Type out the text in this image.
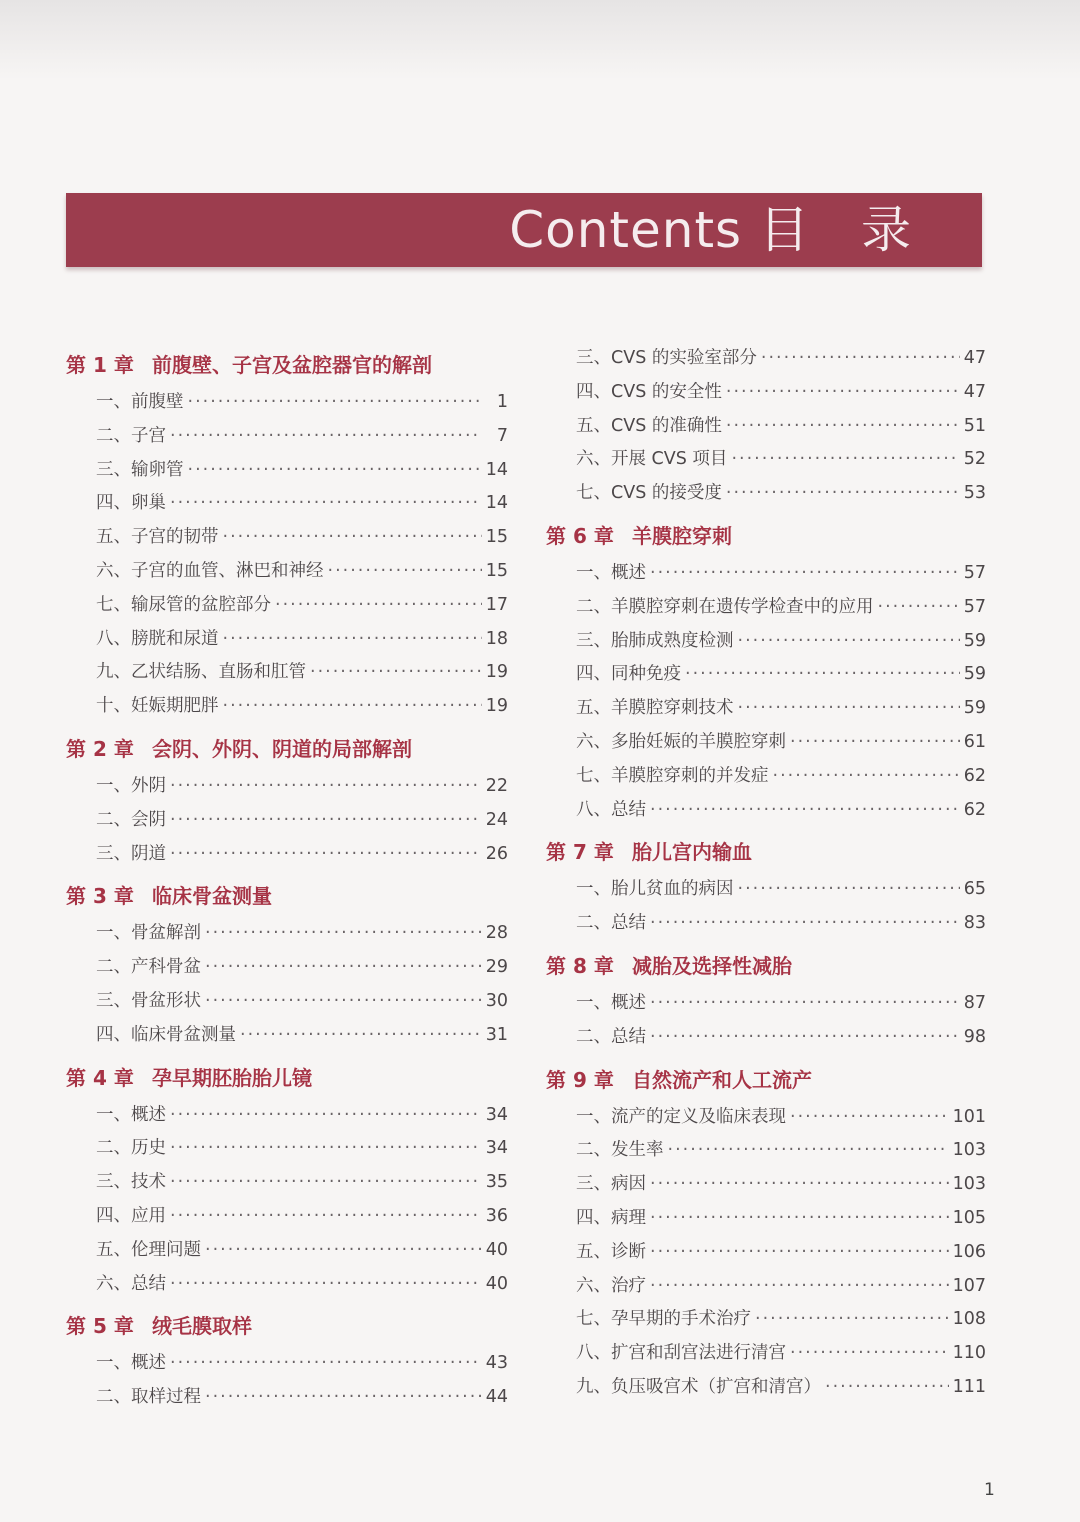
Contents 目　录
第 1 章 前腹壁、子宫及盆腔器官的解剖
一、前腹壁 ·····	1
二、子宫 ·····	7
三、输卵管 ·····	14
四、卵巢 ·····	14
五、子宫的韧带 ·····	15
六、子宫的血管、淋巴和神经 ·····	15
七、输尿管的盆腔部分 ·····	17
八、膀胱和尿道 ·····	18
九、乙状结肠、直肠和肛管 ·····	19
十、妊娠期肥胖 ·····	19
第 2 章 会阴、外阴、阴道的局部解剖
一、外阴 ·····	22
二、会阴 ·····	24
三、阴道 ·····	26
第 3 章 临床骨盆测量
一、骨盆解剖 ·····	28
二、产科骨盆 ·····	29
三、骨盆形状 ·····	30
四、临床骨盆测量 ·····	31
第 4 章 孕早期胚胎胎儿镜
一、概述 ·····	34
二、历史 ·····	34
三、技术 ·····	35
四、应用 ·····	36
五、伦理问题 ·····	40
六、总结 ·····	40
第 5 章 绒毛膜取样
一、概述 ·····	43
二、取样过程 ·····	44
三、CVS 的实验室部分 ·····	47
四、CVS 的安全性 ·····	47
五、CVS 的准确性 ·····	51
六、开展 CVS 项目 ·····	52
七、CVS 的接受度 ·····	53
第 6 章 羊膜腔穿刺
一、概述 ·····	57
二、羊膜腔穿刺在遗传学检查中的应用 ·····	57
三、胎肺成熟度检测 ·····	59
四、同种免疫 ·····	59
五、羊膜腔穿刺技术 ·····	59
六、多胎妊娠的羊膜腔穿刺 ·····	61
七、羊膜腔穿刺的并发症 ·····	62
八、总结 ·····	62
第 7 章 胎儿宫内输血
一、胎儿贫血的病因 ·····	65
二、总结 ·····	83
第 8 章 减胎及选择性减胎
一、概述 ·····	87
二、总结 ·····	98
第 9 章 自然流产和人工流产
一、流产的定义及临床表现 ·····	101
二、发生率 ·····	103
三、病因 ·····	103
四、病理 ·····	105
五、诊断 ·····	106
六、治疗 ·····	107
七、孕早期的手术治疗 ·····	108
八、扩宫和刮宫法进行清宫 ·····	110
九、负压吸宫术（扩宫和清宫） ·····	111
1
